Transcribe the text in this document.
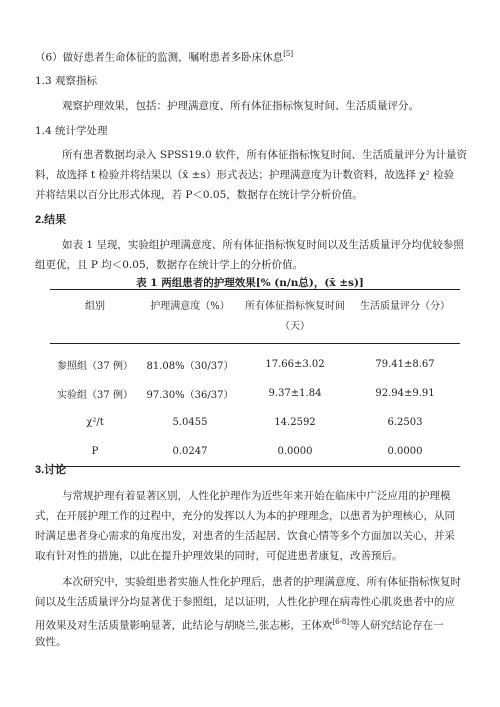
（6）做好患者生命体征的监测，嘱咐患者多卧床休息[5]
1.3 观察指标
观察护理效果，包括：护理满意度、所有体征指标恢复时间、生活质量评分。
1.4 统计学处理
所有患者数据均录入 SPSS19.0 软件，所有体征指标恢复时间、生活质量评分为计量资
料，故选择 t 检验并将结果以（x̄ ±s）形式表达；护理满意度为计数资料，故选择 χ² 检验
并将结果以百分比形式体现，若 P＜0.05，数据存在统计学分析价值。
2.结果
如表 1 呈现，实验组护理满意度、所有体征指标恢复时间以及生活质量评分均优较参照
组更优，且 P 均＜0.05，数据存在统计学上的分析价值。
表 1 两组患者的护理效果[% (n/n总)，(x̄ ±s)]
组别	护理满意度（%）	所有体征指标恢复时间（天）	生活质量评分（分）
参照组（37 例）	81.08%（30/37）	17.66±3.02	79.41±8.67
实验组（37 例）	97.30%（36/37）	9.37±1.84	92.94±9.91
χ²/t	5.0455	14.2592	6.2503
P	0.0247	0.0000	0.0000
3.讨论
与常规护理有着显著区别，人性化护理作为近些年来开始在临床中广泛应用的护理模
式，在开展护理工作的过程中，充分的发挥以人为本的护理理念，以患者为护理核心，从同
时满足患者身心需求的角度出发，对患者的生活起居、饮食心情等多个方面加以关心，并采
取有针对性的措施，以此在提升护理效果的同时，可促进患者康复，改善预后。
本次研究中，实验组患者实施人性化护理后，患者的护理满意度、所有体征指标恢复时
间以及生活质量评分均显著优于参照组，足以证明，人性化护理在病毒性心肌炎患者中的应
用效果及对生活质量影响显著，此结论与胡晓兰,张志彬，王体欢[6-8]等人研究结论存在一
致性。
